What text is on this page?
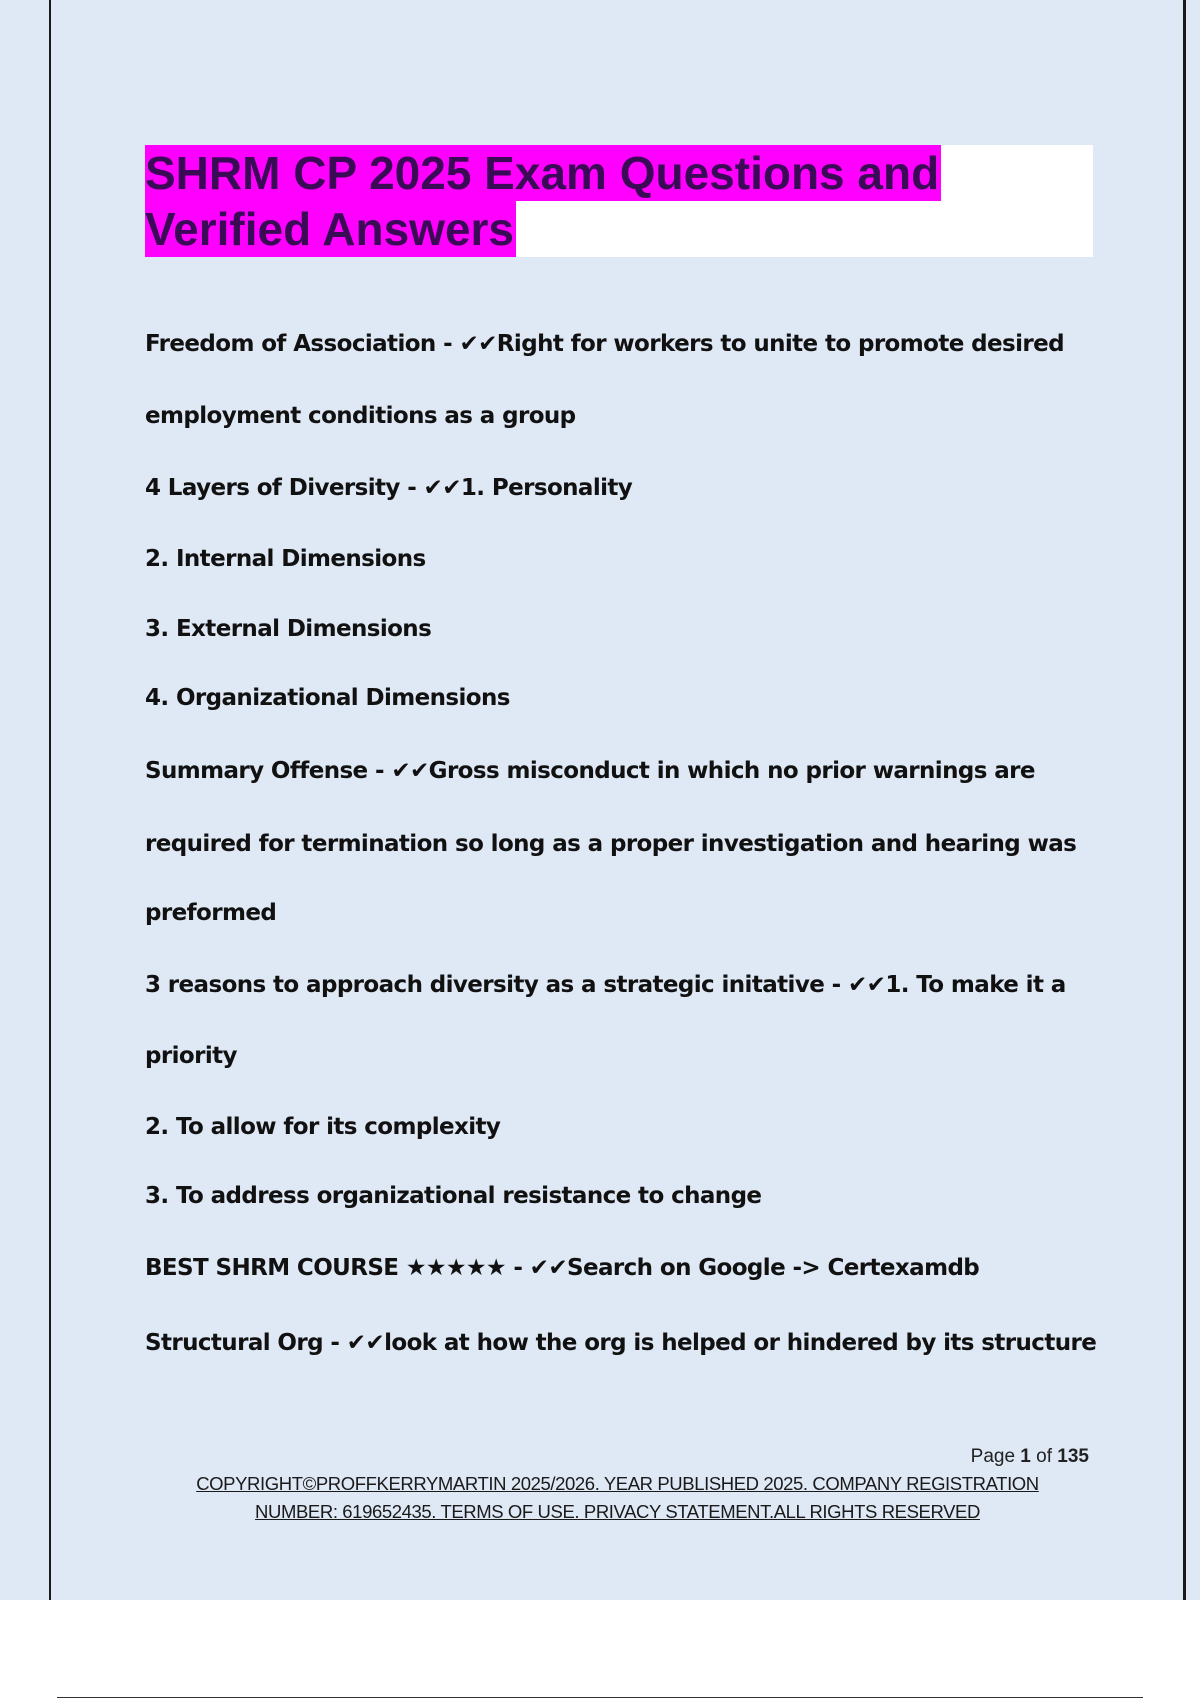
SHRM CP 2025 Exam Questions and
Verified Answers
Freedom of Association - ✔✔Right for workers to unite to promote desired
employment conditions as a group
4 Layers of Diversity - ✔✔1. Personality
2. Internal Dimensions
3. External Dimensions
4. Organizational Dimensions
Summary Offense - ✔✔Gross misconduct in which no prior warnings are
required for termination so long as a proper investigation and hearing was
preformed
3 reasons to approach diversity as a strategic initative - ✔✔1. To make it a
priority
2. To allow for its complexity
3. To address organizational resistance to change
BEST SHRM COURSE ★★★★★ - ✔✔Search on Google -> Certexamdb
Structural Org - ✔✔look at how the org is helped or hindered by its structure
Page 1 of 135
COPYRIGHT©PROFFKERRYMARTIN 2025/2026. YEAR PUBLISHED 2025. COMPANY REGISTRATION
NUMBER: 619652435. TERMS OF USE. PRIVACY STATEMENT.ALL RIGHTS RESERVED
